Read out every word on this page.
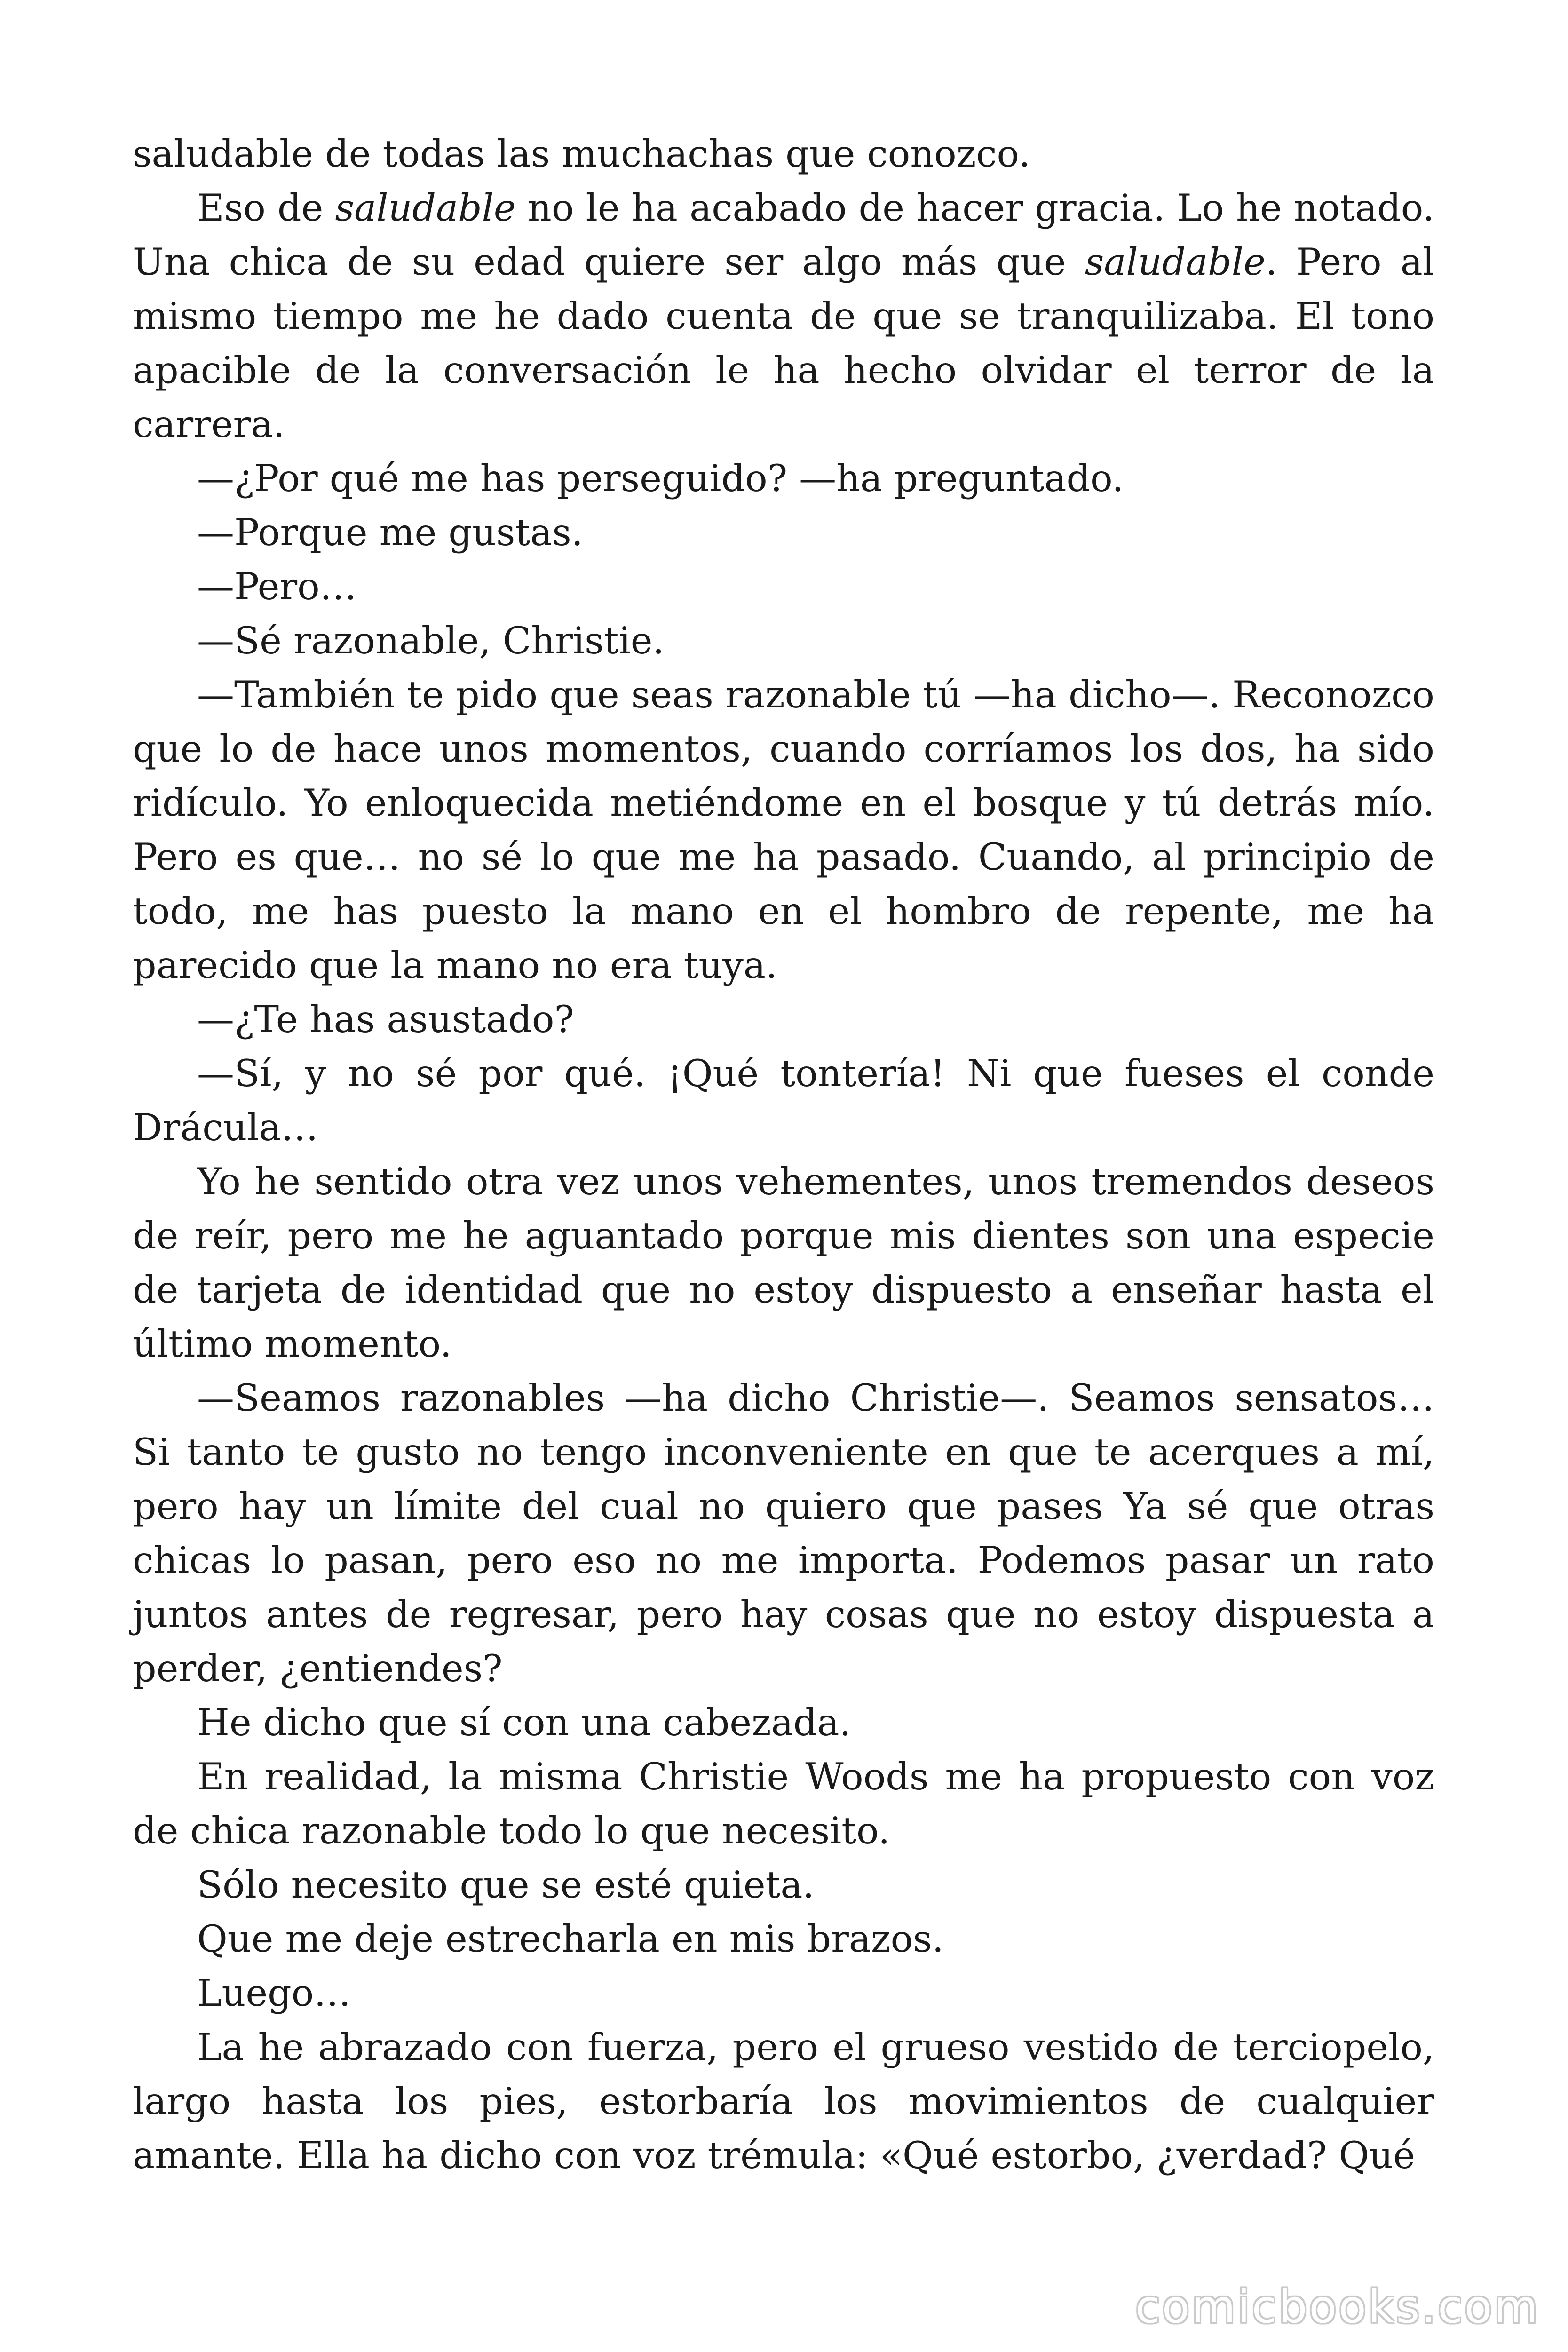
saludable de todas las muchachas que conozco.

Eso de saludable no le ha acabado de hacer gracia. Lo he notado. Una chica de su edad quiere ser algo más que saludable. Pero al mismo tiempo me he dado cuenta de que se tranquilizaba. El tono apacible de la conversación le ha hecho olvidar el terror de la carrera.

—¿Por qué me has perseguido? —ha preguntado.

—Porque me gustas.

—Pero…

—Sé razonable, Christie.

—También te pido que seas razonable tú —ha dicho—. Reconozco que lo de hace unos momentos, cuando corríamos los dos, ha sido ridículo. Yo enloquecida metiéndome en el bosque y tú detrás mío. Pero es que… no sé lo que me ha pasado. Cuando, al principio de todo, me has puesto la mano en el hombro de repente, me ha parecido que la mano no era tuya.

—¿Te has asustado?

—Sí, y no sé por qué. ¡Qué tontería! Ni que fueses el conde Drácula…

Yo he sentido otra vez unos vehementes, unos tremendos deseos de reír, pero me he aguantado porque mis dientes son una especie de tarjeta de identidad que no estoy dispuesto a enseñar hasta el último momento.

—Seamos razonables —ha dicho Christie—. Seamos sensatos… Si tanto te gusto no tengo inconveniente en que te acerques a mí, pero hay un límite del cual no quiero que pases Ya sé que otras chicas lo pasan, pero eso no me importa. Podemos pasar un rato juntos antes de regresar, pero hay cosas que no estoy dispuesta a perder, ¿entiendes?

He dicho que sí con una cabezada.

En realidad, la misma Christie Woods me ha propuesto con voz de chica razonable todo lo que necesito.

Sólo necesito que se esté quieta.

Que me deje estrecharla en mis brazos.

Luego…

La he abrazado con fuerza, pero el grueso vestido de terciopelo, largo hasta los pies, estorbaría los movimientos de cualquier amante. Ella ha dicho con voz trémula: «Qué estorbo, ¿verdad? Qué

comicbooks.com
